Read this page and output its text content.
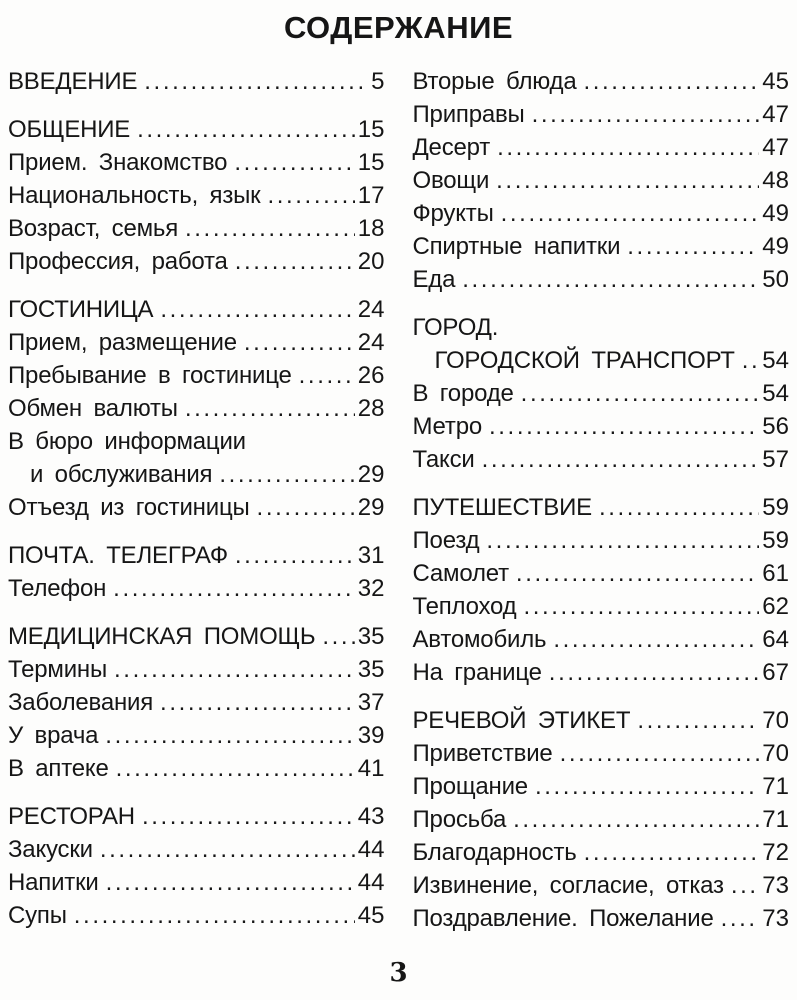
СОДЕРЖАНИЕ
ВВЕДЕНИЕ .....	5
ОБЩЕНИЕ .....	15
Прием. Знакомство .....	15
Национальность, язык .....	17
Возраст, семья .....	18
Профессия, работа .....	20
ГОСТИНИЦА .....	24
Прием, размещение .....	24
Пребывание в гостинице .....	26
Обмен валюты .....	28
В бюро информации
и обслуживания .....	29
Отъезд из гостиницы .....	29
ПОЧТА. ТЕЛЕГРАФ .....	31
Телефон .....	32
МЕДИЦИНСКАЯ ПОМОЩЬ ..... 35
Термины .....	35
Заболевания .....	37
У врача .....	39
В аптеке .....	41
РЕСТОРАН .....	43
Закуски .....	44
Напитки .....	44
Супы .....	45
Вторые блюда .....	45
Приправы .....	47
Десерт .....	47
Овощи .....	48
Фрукты .....	49
Спиртные напитки .....	49
Еда .....	50
ГОРОД.
ГОРОДСКОЙ ТРАНСПОРТ ..... 54
В городе .....	54
Метро .....	56
Такси .....	57
ПУТЕШЕСТВИЕ .....	59
Поезд .....	59
Самолет .....	61
Теплоход .....	62
Автомобиль .....	64
На границе .....	67
РЕЧЕВОЙ ЭТИКЕТ .....	70
Приветствие .....	70
Прощание .....	71
Просьба .....	71
Благодарность .....	72
Извинение, согласие, отказ ..... 73
Поздравление. Пожелание ..... 73
3
